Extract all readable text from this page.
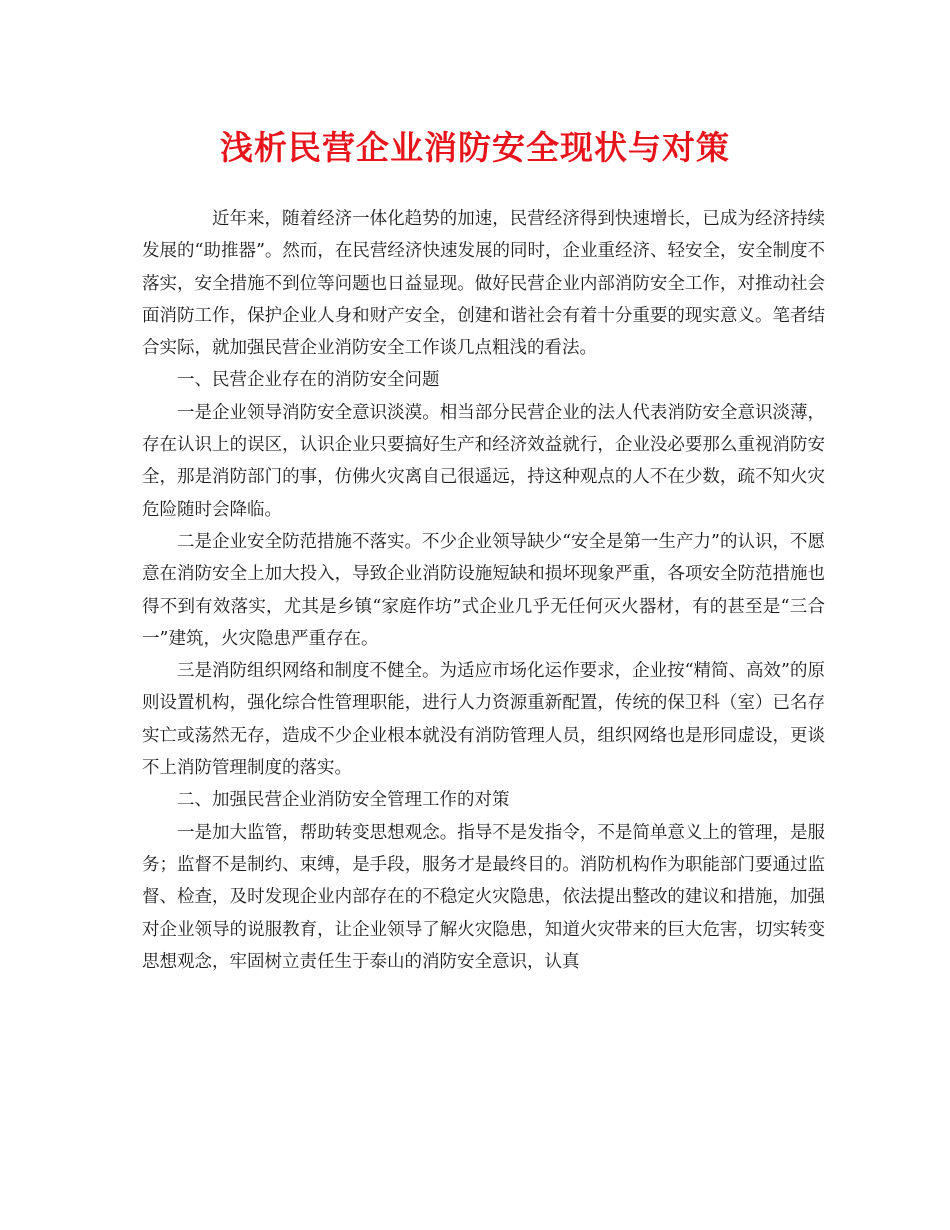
浅析民营企业消防安全现状与对策

近年来，随着经济一体化趋势的加速，民营经济得到快速增长，已成为经济持续发展的“助推器”。然而，在民营经济快速发展的同时，企业重经济、轻安全，安全制度不落实，安全措施不到位等问题也日益显现。做好民营企业内部消防安全工作，对推动社会面消防工作，保护企业人身和财产安全，创建和谐社会有着十分重要的现实意义。笔者结合实际，就加强民营企业消防安全工作谈几点粗浅的看法。

一、民营企业存在的消防安全问题

一是企业领导消防安全意识淡漠。相当部分民营企业的法人代表消防安全意识淡薄，存在认识上的误区，认识企业只要搞好生产和经济效益就行，企业没必要那么重视消防安全，那是消防部门的事，仿佛火灾离自己很遥远，持这种观点的人不在少数，疏不知火灾危险随时会降临。

二是企业安全防范措施不落实。不少企业领导缺少“安全是第一生产力”的认识，不愿意在消防安全上加大投入，导致企业消防设施短缺和损坏现象严重，各项安全防范措施也得不到有效落实，尤其是乡镇“家庭作坊”式企业几乎无任何灭火器材，有的甚至是“三合一”建筑，火灾隐患严重存在。

三是消防组织网络和制度不健全。为适应市场化运作要求，企业按“精简、高效”的原则设置机构，强化综合性管理职能，进行人力资源重新配置，传统的保卫科（室）已名存实亡或荡然无存，造成不少企业根本就没有消防管理人员，组织网络也是形同虚设，更谈不上消防管理制度的落实。

二、加强民营企业消防安全管理工作的对策

一是加大监管，帮助转变思想观念。指导不是发指令，不是简单意义上的管理，是服务；监督不是制约、束缚，是手段，服务才是最终目的。消防机构作为职能部门要通过监督、检查，及时发现企业内部存在的不稳定火灾隐患，依法提出整改的建议和措施，加强对企业领导的说服教育，让企业领导了解火灾隐患，知道火灾带来的巨大危害，切实转变思想观念，牢固树立责任生于泰山的消防安全意识，认真
